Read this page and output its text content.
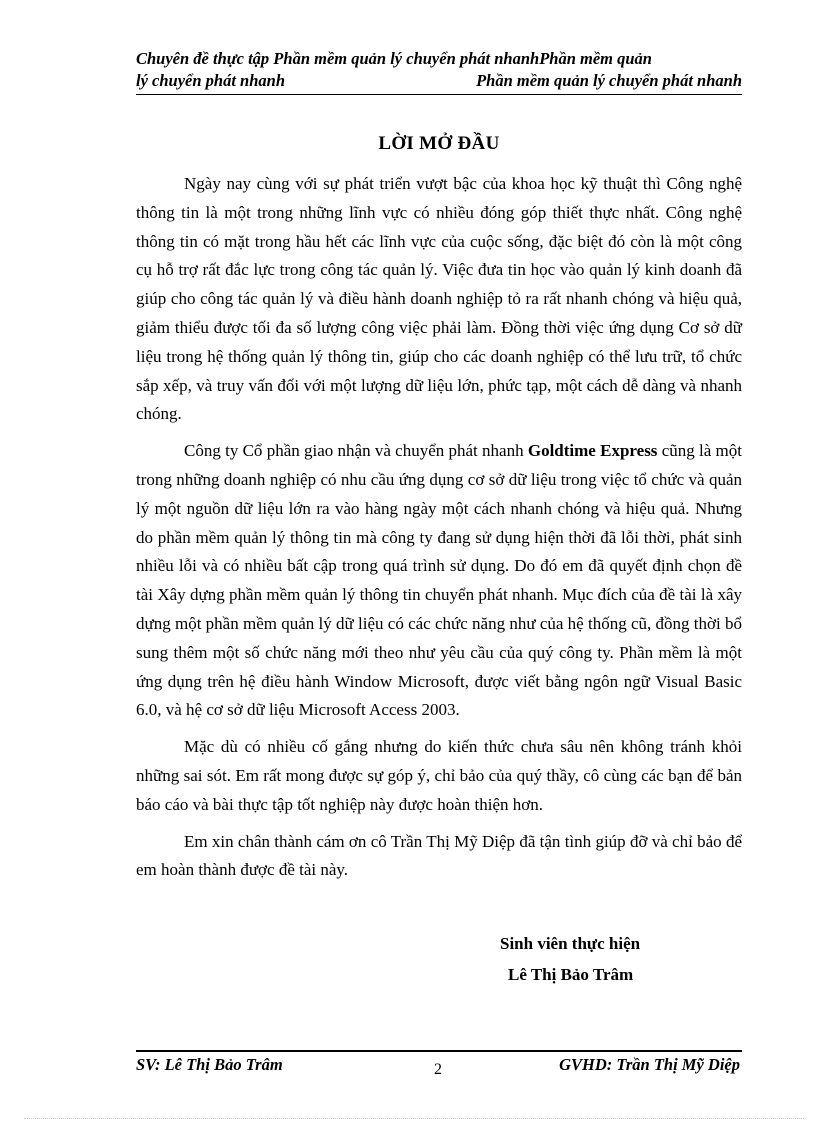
Chuyên đề thực tập Phần mềm quản lý chuyển phát nhanhPhần mềm quản
lý chuyển phát nhanh	Phần mềm quản lý chuyển phát nhanh
LỜI MỞ ĐẦU

Ngày nay cùng với sự phát triển vượt bậc của khoa học kỹ thuật thì Công nghệ thông tin là một trong những lĩnh vực có nhiều đóng góp thiết thực nhất. Công nghệ thông tin có mặt trong hầu hết các lĩnh vực của cuộc sống, đặc biệt đó còn là một công cụ hỗ trợ rất đắc lực trong công tác quản lý. Việc đưa tin học vào quản lý kinh doanh đã giúp cho công tác quản lý và điều hành doanh nghiệp tỏ ra rất nhanh chóng và hiệu quả, giảm thiểu được tối đa số lượng công việc phải làm. Đồng thời việc ứng dụng Cơ sở dữ liệu trong hệ thống quản lý thông tin, giúp cho các doanh nghiệp có thể lưu trữ, tổ chức sắp xếp, và truy vấn đối với một lượng dữ liệu lớn, phức tạp, một cách dễ dàng và nhanh chóng.

Công ty Cổ phần giao nhận và chuyển phát nhanh Goldtime Express cũng là một trong những doanh nghiệp có nhu cầu ứng dụng cơ sở dữ liệu trong việc tổ chức và quản lý một nguồn dữ liệu lớn ra vào hàng ngày một cách nhanh chóng và hiệu quả. Nhưng do phần mềm quản lý thông tin mà công ty đang sử dụng hiện thời đã lỗi thời, phát sinh nhiều lỗi và có nhiều bất cập trong quá trình sử dụng. Do đó em đã quyết định chọn đề tài Xây dựng phần mềm quản lý thông tin chuyển phát nhanh. Mục đích của đề tài là xây dựng một phần mềm quản lý dữ liệu có các chức năng như của hệ thống cũ, đồng thời bổ sung thêm một số chức năng mới theo như yêu cầu của quý công ty. Phần mềm là một ứng dụng trên hệ điều hành Window Microsoft, được viết bằng ngôn ngữ Visual Basic 6.0, và hệ cơ sở dữ liệu Microsoft Access 2003.

Mặc dù có nhiều cố gắng nhưng do kiến thức chưa sâu nên không tránh khỏi những sai sót. Em rất mong được sự góp ý, chỉ bảo của quý thầy, cô cùng các bạn để bản báo cáo và bài thực tập tốt nghiệp này được hoàn thiện hơn.

Em xin chân thành cám ơn cô Trần Thị Mỹ Diệp đã tận tình giúp đỡ và chỉ bảo để em hoàn thành được đề tài này.

Sinh viên thực hiện
Lê Thị Bảo Trâm
SV: Lê Thị Bảo Trâm	2	GVHD: Trần Thị Mỹ Diệp
